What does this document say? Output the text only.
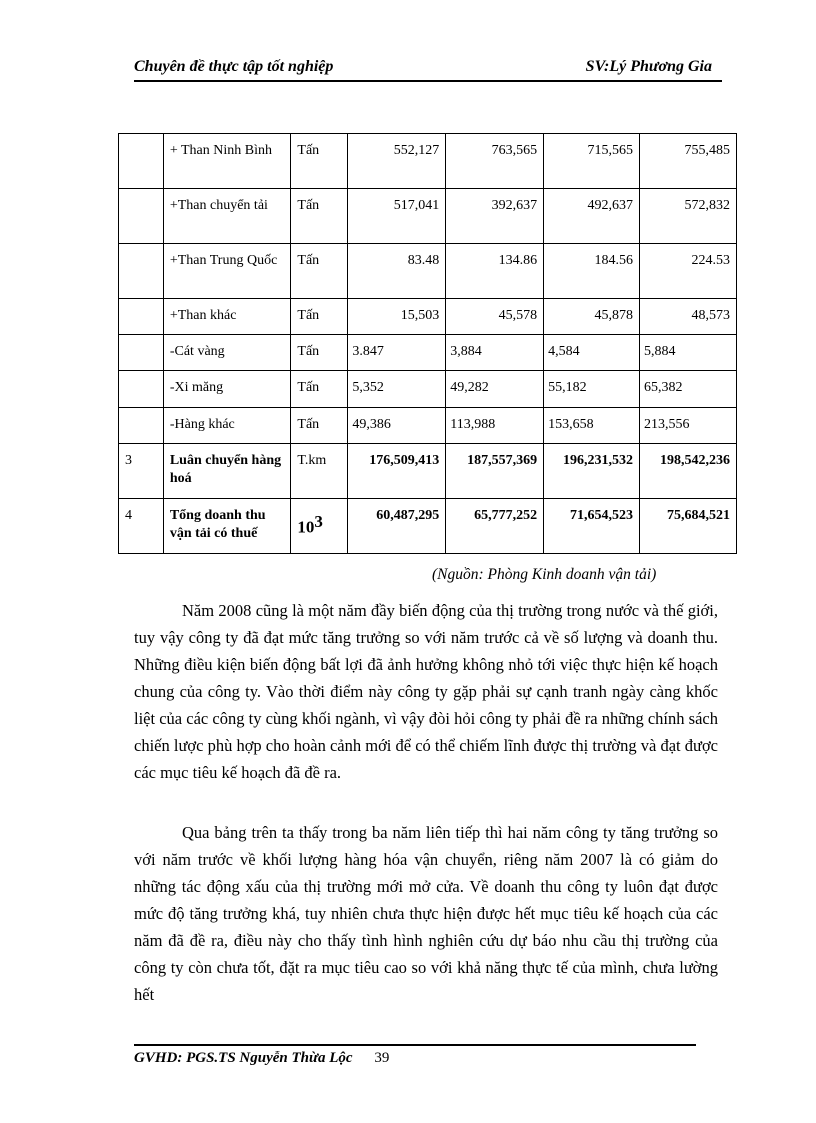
Chuyên đề thực tập tốt nghiệp	SV:Lý Phương Gia
	+ Than Ninh Bình	Tấn	552,127	763,565	715,565	755,485
	+Than chuyển tải	Tấn	517,041	392,637	492,637	572,832
	+Than Trung Quốc	Tấn	83.48	134.86	184.56	224.53
	+Than khác	Tấn	15,503	45,578	45,878	48,573
	-Cát vàng	Tấn	3.847	3,884	4,584	5,884
	-Xi măng	Tấn	5,352	49,282	55,182	65,382
	-Hàng khác	Tấn	49,386	113,988	153,658	213,556
3	Luân chuyển hàng hoá	T.km	176,509,413	187,557,369	196,231,532	198,542,236
4	Tổng doanh thu vận tải có thuế	$10^3$	60,487,295	65,777,252	71,654,523	75,684,521
(Nguồn: Phòng Kinh doanh vận tải)

Năm 2008 cũng là một năm đầy biến động của thị trường trong nước và thế giới, tuy vậy công ty đã đạt mức tăng trưởng so với năm trước cả về số lượng và doanh thu. Những điều kiện biến động bất lợi đã ảnh hưởng không nhỏ tới việc thực hiện kế hoạch chung của công ty. Vào thời điểm này công ty gặp phải sự cạnh tranh ngày càng khốc liệt của các công ty cùng khối ngành, vì vậy đòi hỏi công ty phải đề ra những chính sách chiến lược phù hợp cho hoàn cảnh mới để có thể chiếm lĩnh được thị trường và đạt được các mục tiêu kế hoạch đã đề ra.

Qua bảng trên ta thấy trong ba năm liên tiếp thì hai năm công ty tăng trưởng so với năm trước về khối lượng hàng hóa vận chuyển, riêng năm 2007 là có giảm do những tác động xấu của thị trường mới mở cửa. Về doanh thu công ty luôn đạt được mức độ tăng trưởng khá, tuy nhiên chưa thực hiện được hết mục tiêu kế hoạch của các năm đã đề ra, điều này cho thấy tình hình nghiên cứu dự báo nhu cầu thị trường của công ty còn chưa tốt, đặt ra mục tiêu cao so với khả năng thực tế của mình, chưa lường hết

GVHD: PGS.TS Nguyễn Thừa Lộc 39
